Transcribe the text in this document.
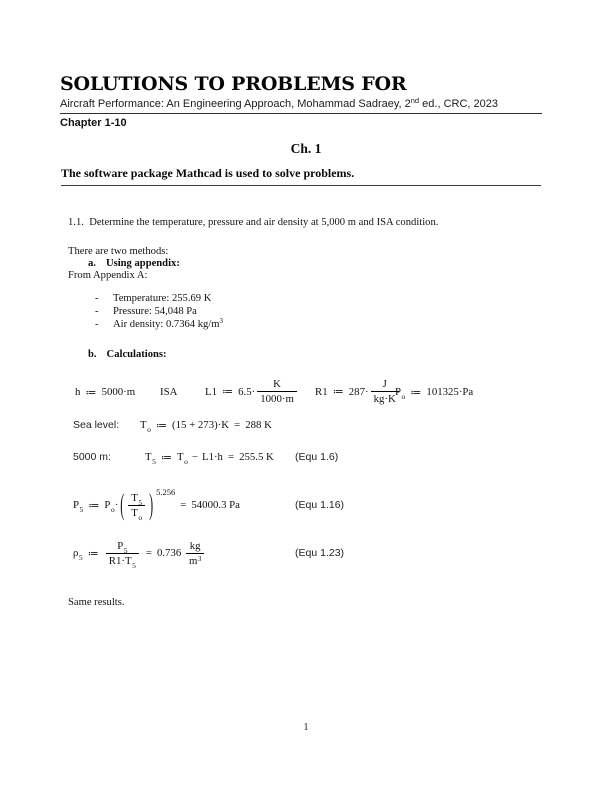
SOLUTIONS TO PROBLEMS FOR
Aircraft Performance: An Engineering Approach, Mohammad Sadraey, 2nd ed., CRC, 2023
Chapter 1-10
Ch. 1
The software package Mathcad is used to solve problems.
1.1.  Determine the temperature, pressure and air density at 5,000 m and ISA condition.
There are two methods:
a. Using appendix:
From Appendix A:
-	Temperature: 255.69 K
-	Pressure: 54,048 Pa
-	Air density: 0.7364 kg/m 3
b. Calculations:
h ≔ 5000·m ISA	L1 ≔ $6.5\cdot \frac{K}{1000\cdot m} R1$ ≔ $287\cdot \frac{J}{kg\cdot K}$
$P_o$ ≔ 101325·Pa
Sea level: $T_o$ ≔ (15 + 273)·K = 288 K
5000 m:	$T_5$ ≔ $T_o - L1\cdot h = 255.5$ K (Equ 1.6)
$P_5$ ≔ $P_o$ · ( $\frac{T_5}{T_o}$ ) 5.256
= 54000.3 Pa	(Equ 1.16)
$\rho_5$ ≔ $\frac{P_5}{R1\cdot T_5} = 0.736 \frac{kg}{m^3}$	(Equ 1.23)
Same results.
1
